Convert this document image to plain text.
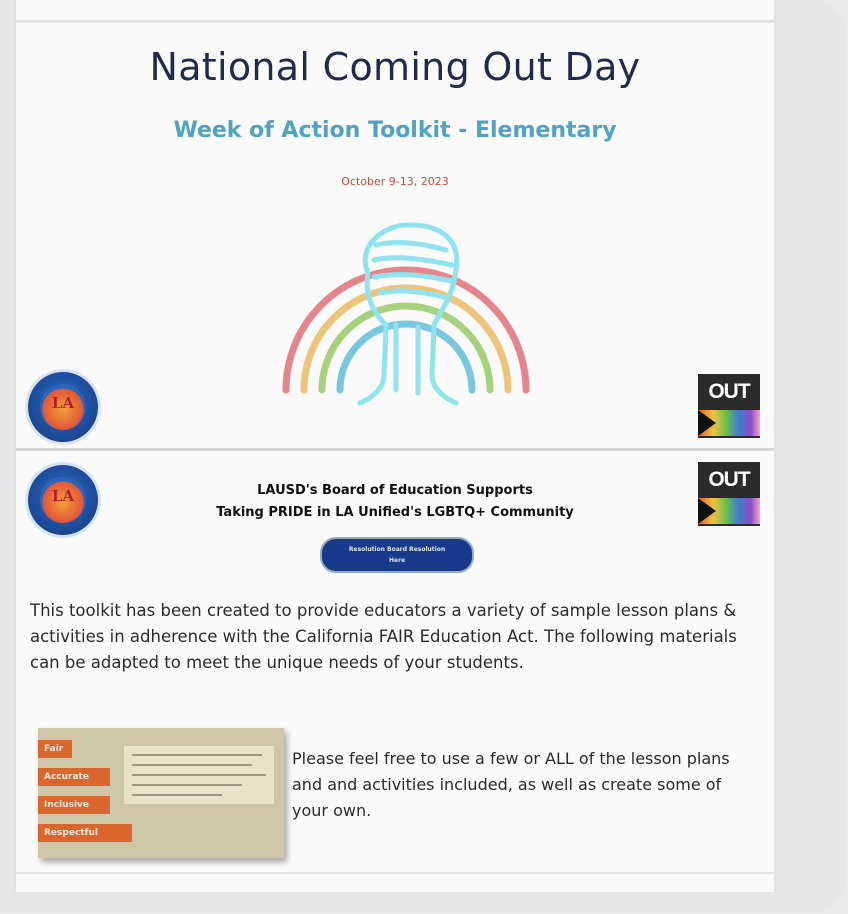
National Coming Out Day
Week of Action Toolkit - Elementary
October 9-13, 2023
LA	OUT
LA
OUT
LAUSD's Board of Education Supports
Taking PRIDE in LA Unified's LGBTQ+ Community
Resolution Board Resolution
Here
This toolkit has been created to provide educators a variety of sample lesson plans & activities in adherence with the California FAIR Education Act. The following materials can be adapted to meet the unique needs of your students.
Fair
Accurate
Inclusive
Respectful
Please feel free to use a few or ALL of the lesson plans and and activities included, as well as create some of your own.
